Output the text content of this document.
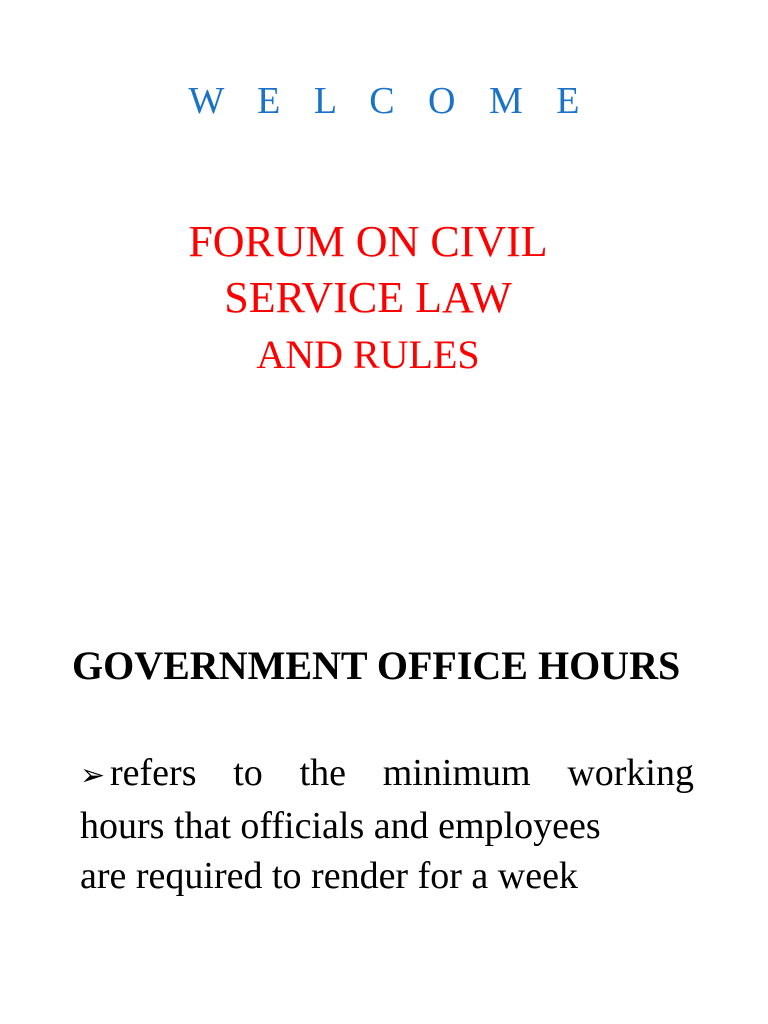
W E L C O M E
FORUM ON CIVIL
SERVICE LAW
AND RULES
GOVERNMENT OFFICE HOURS
➢ refers to the minimum working
hours that officials and employees
are required to render for a week
